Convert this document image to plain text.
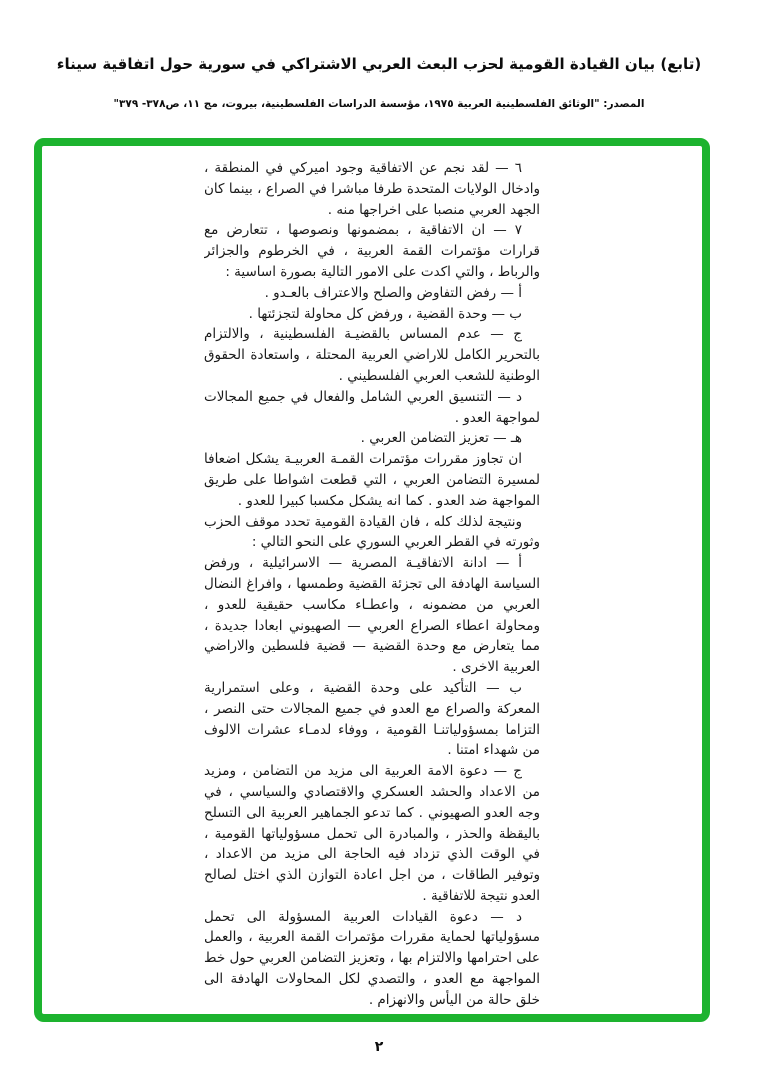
(تابع) بيان القيادة القومية لحزب البعث العربي الاشتراكي في سورية حول اتفاقية سيناء
المصدر: "الوثائق الفلسطينية العربية ١٩٧٥، مؤسسة الدراسات الفلسطينية، بيروت، مج ١١، ص٣٧٨- ٣٧٩"

٦ — لقد نجم عن الاتفاقية وجود اميركي في المنطقة ، وادخال الولايات المتحدة طرفا مباشرا في الصراع ، بينما كان الجهد العربي منصبا على اخراجها منه .

٧ — ان الاتفاقية ، بمضمونها ونصوصها ، تتعارض مع قرارات مؤتمرات القمة العربية ، في الخرطوم والجزائر والرباط ، والتي اكدت على الامور التالية بصورة اساسية :

أ — رفض التفاوض والصلح والاعتراف بالعـدو .

ب — وحدة القضية ، ورفض كل محاولة لتجزئتها .

ج — عدم المساس بالقضيـة الفلسطينية ، والالتزام بالتحرير الكامل للاراضي العربية المحتلة ، واستعادة الحقوق الوطنية للشعب العربي الفلسطيني .

د — التنسيق العربي الشامل والفعال في جميع المجالات لمواجهة العدو .

هـ — تعزيز التضامن العربي .

ان تجاوز مقررات مؤتمرات القمـة العربيـة يشكل اضعافا لمسيرة التضامن العربي ، التي قطعت اشواطا على طريق المواجهة ضد العدو . كما انه يشكل مكسبا كبيرا للعدو .

ونتيجة لذلك كله ، فان القيادة القومية تحدد موقف الحزب وثورته في القطر العربي السوري على النحو التالي :

أ — ادانة الاتفاقيـة المصرية — الاسرائيلية ، ورفض السياسة الهادفة الى تجزئة القضية وطمسها ، وافراغ النضال العربي من مضمونه ، واعطـاء مكاسب حقيقية للعدو ، ومحاولة اعطاء الصراع العربي — الصهيوني ابعادا جديدة ، مما يتعارض مع وحدة القضية — قضية فلسطين والاراضي العربية الاخرى .

ب — التأكيد على وحدة القضية ، وعلى استمرارية المعركة والصراع مع العدو في جميع المجالات حتى النصر ، التزاما بمسؤولياتنـا القومية ، ووفاء لدمـاء عشرات الالوف من شهداء امتنا .

ج — دعوة الامة العربية الى مزيد من التضامن ، ومزيد من الاعداد والحشد العسكري والاقتصادي والسياسي ، في وجه العدو الصهيوني . كما تدعو الجماهير العربية الى التسلح باليقظة والحذر ، والمبادرة الى تحمل مسؤولياتها القومية ، في الوقت الذي تزداد فيه الحاجة الى مزيد من الاعداد ، وتوفير الطاقات ، من اجل اعادة التوازن الذي اختل لصالح العدو نتيجة للاتفاقية .

د — دعوة القيادات العربية المسؤولة الى تحمل مسؤولياتها لحماية مقررات مؤتمرات القمة العربية ، والعمل على احترامها والالتزام بها ، وتعزيز التضامن العربي حول خط المواجهة مع العدو ، والتصدي لكل المحاولات الهادفة الى خلق حالة من اليأس والانهزام .

٢
